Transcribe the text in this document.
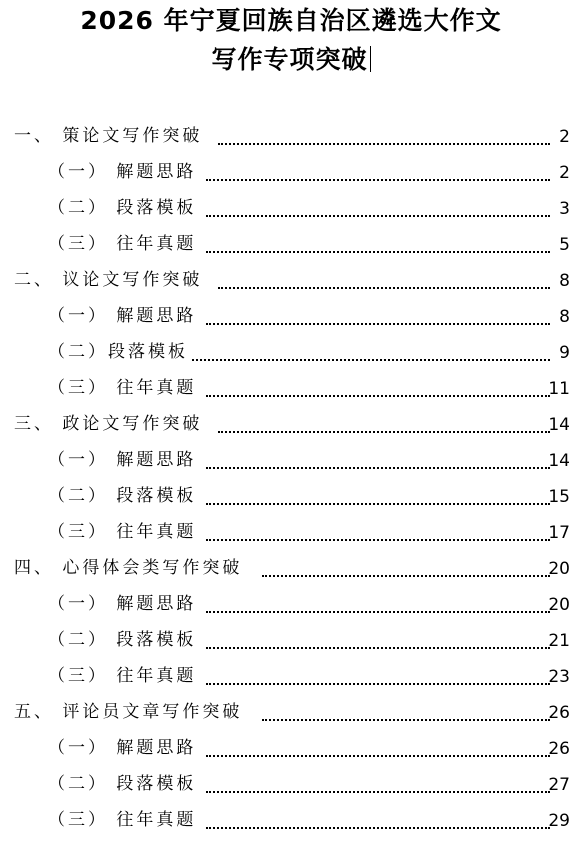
2026 年宁夏回族自治区遴选大作文
写作专项突破
一、 策论文写作突破	2
（一） 解题思路	2
（二） 段落模板	3
（三） 往年真题	5
二、 议论文写作突破	8
（一） 解题思路	8
（二）段落模板	9
（三） 往年真题	11
三、 政论文写作突破	14
（一） 解题思路	14
（二） 段落模板	15
（三） 往年真题	17
四、 心得体会类写作突破	20
（一） 解题思路	20
（二） 段落模板	21
（三） 往年真题	23
五、 评论员文章写作突破	26
（一） 解题思路	26
（二） 段落模板	27
（三） 往年真题	29
